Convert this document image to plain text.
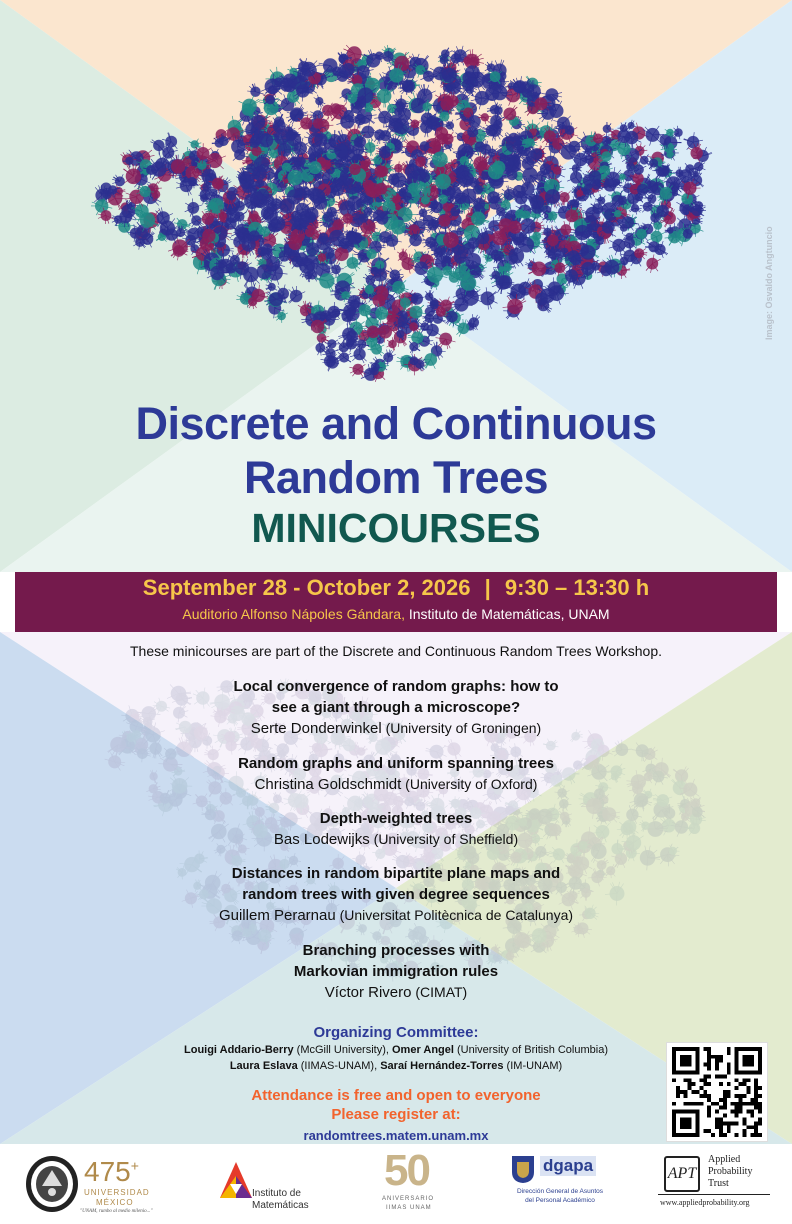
Image: Osvaldo Angtuncio
Discrete and Continuous
Random Trees
MINICOURSES
September 28 - October 2, 2026 | 9:30 – 13:30 h
Auditorio Alfonso Nápoles Gándara, Instituto de Matemáticas, UNAM
These minicourses are part of the Discrete and Continuous Random Trees Workshop.
Local convergence of random graphs: how to
see a giant through a microscope?
Serte Donderwinkel (University of Groningen)
Random graphs and uniform spanning trees
Christina Goldschmidt (University of Oxford)
Depth-weighted trees
Bas Lodewijks (University of Sheffield)
Distances in random bipartite plane maps and
random trees with given degree sequences
Guillem Perarnau (Universitat Politècnica de Catalunya)
Branching processes with
Markovian immigration rules
Víctor Rivero (CIMAT)
Organizing Committee:
Louigi Addario-Berry (McGill University), Omer Angel (University of British Columbia)
Laura Eslava (IIMAS-UNAM), Saraí Hernández-Torres (IM-UNAM)
Attendance is free and open to everyone
Please register at:
randomtrees.matem.unam.mx
475+
UNIVERSIDAD
MÉXICO
"UNAM, rumbo al medio milenio..."
Instituto de
Matemáticas
50
ANIVERSARIO
IIMAS UNAM
dgapa
Dirección General de Asuntos
del Personal Académico
APT
Applied
Probability
Trust
www.appliedprobability.org
